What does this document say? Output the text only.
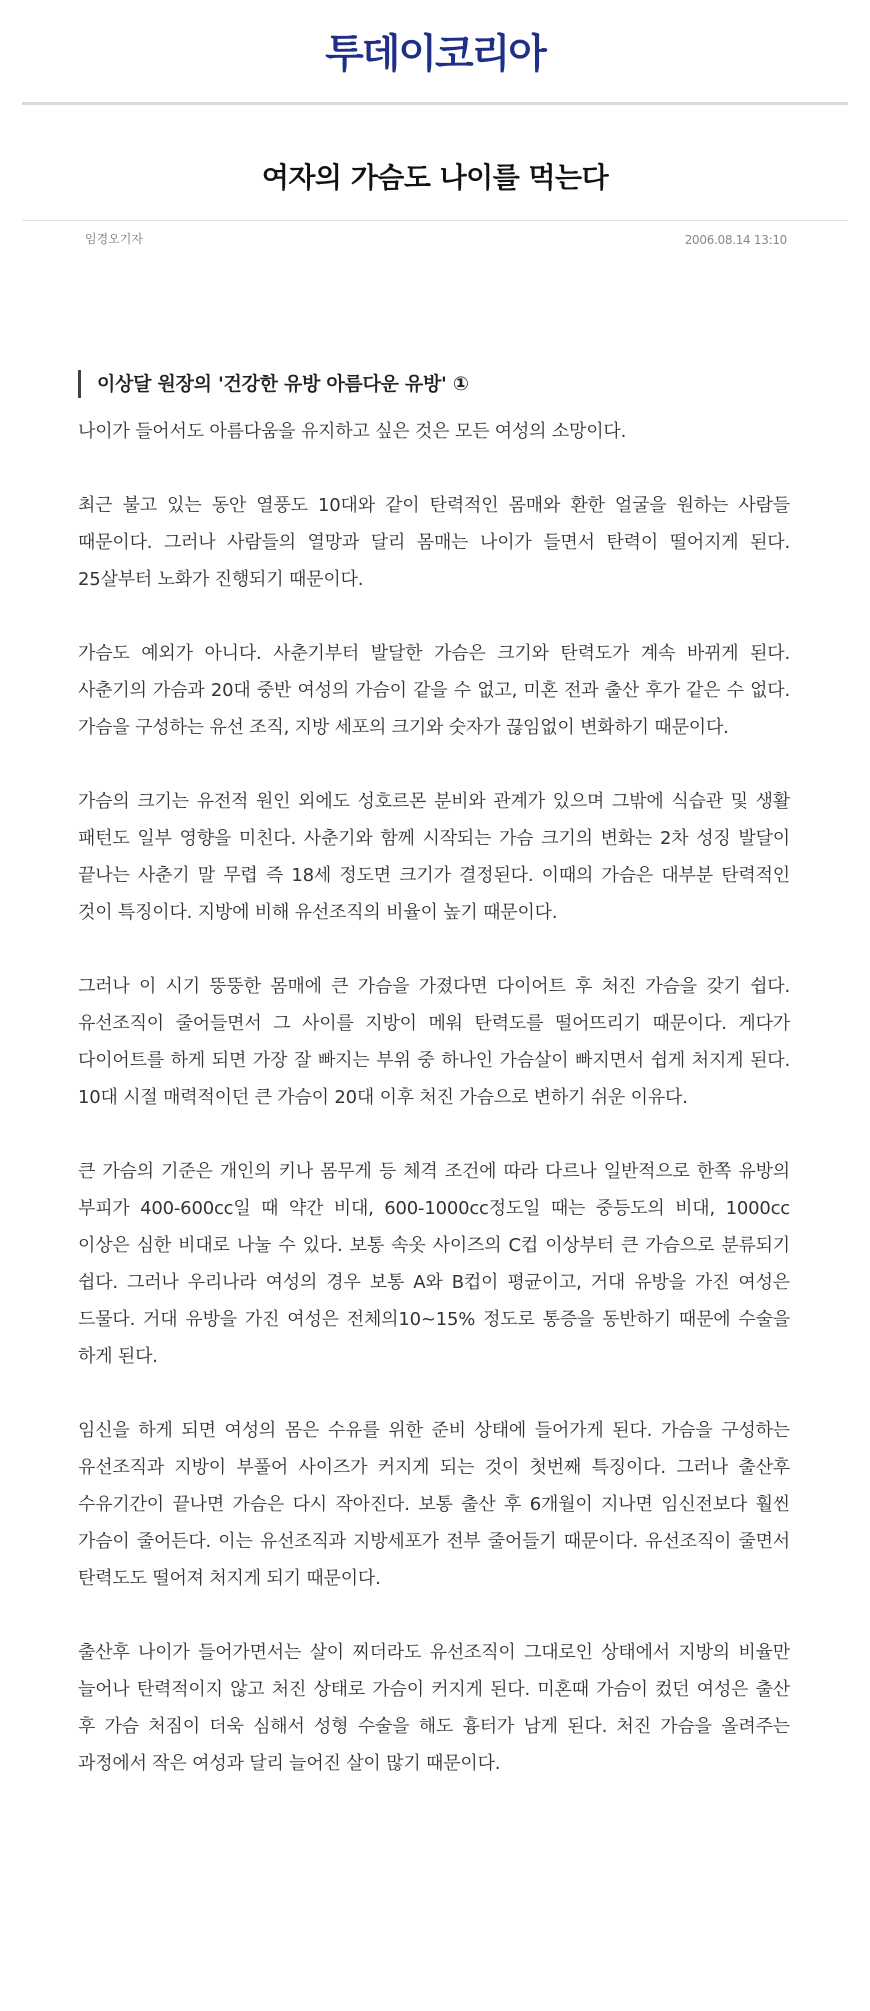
투데이코리아
여자의 가슴도 나이를 먹는다
임경오기자	2006.08.14 13:10
이상달 원장의 '건강한 유방 아름다운 유방' ①

나이가 들어서도 아름다움을 유지하고 싶은 것은 모든 여성의 소망이다.

최근 불고 있는 동안 열풍도 10대와 같이 탄력적인 몸매와 환한 얼굴을 원하는 사람들 때문이다. 그러나 사람들의 열망과 달리 몸매는 나이가 들면서 탄력이 떨어지게 된다. 25살부터 노화가 진행되기 때문이다.

가슴도 예외가 아니다. 사춘기부터 발달한 가슴은 크기와 탄력도가 계속 바뀌게 된다. 사춘기의 가슴과 20대 중반 여성의 가슴이 같을 수 없고, 미혼 전과 출산 후가 같은 수 없다. 가슴을 구성하는 유선 조직, 지방 세포의 크기와 숫자가 끊임없이 변화하기 때문이다.

가슴의 크기는 유전적 원인 외에도 성호르몬 분비와 관계가 있으며 그밖에 식습관 및 생활 패턴도 일부 영향을 미친다. 사춘기와 함께 시작되는 가슴 크기의 변화는 2차 성징 발달이 끝나는 사춘기 말 무렵 즉 18세 정도면 크기가 결정된다. 이때의 가슴은 대부분 탄력적인 것이 특징이다. 지방에 비해 유선조직의 비율이 높기 때문이다.

그러나 이 시기 뚱뚱한 몸매에 큰 가슴을 가졌다면 다이어트 후 처진 가슴을 갖기 쉽다. 유선조직이 줄어들면서 그 사이를 지방이 메워 탄력도를 떨어뜨리기 때문이다. 게다가 다이어트를 하게 되면 가장 잘 빠지는 부위 중 하나인 가슴살이 빠지면서 쉽게 처지게 된다. 10대 시절 매력적이던 큰 가슴이 20대 이후 처진 가슴으로 변하기 쉬운 이유다.

큰 가슴의 기준은 개인의 키나 몸무게 등 체격 조건에 따라 다르나 일반적으로 한쪽 유방의 부피가 400-600cc일 때 약간 비대, 600-1000cc정도일 때는 중등도의 비대, 1000cc 이상은 심한 비대로 나눌 수 있다. 보통 속옷 사이즈의 C컵 이상부터 큰 가슴으로 분류되기 쉽다. 그러나 우리나라 여성의 경우 보통 A와 B컵이 평균이고, 거대 유방을 가진 여성은 드물다. 거대 유방을 가진 여성은 전체의10~15% 정도로 통증을 동반하기 때문에 수술을 하게 된다.

임신을 하게 되면 여성의 몸은 수유를 위한 준비 상태에 들어가게 된다. 가슴을 구성하는 유선조직과 지방이 부풀어 사이즈가 커지게 되는 것이 첫번째 특징이다. 그러나 출산후 수유기간이 끝나면 가슴은 다시 작아진다. 보통 출산 후 6개월이 지나면 임신전보다 훨씬 가슴이 줄어든다. 이는 유선조직과 지방세포가 전부 줄어들기 때문이다. 유선조직이 줄면서 탄력도도 떨어져 처지게 되기 때문이다.

출산후 나이가 들어가면서는 살이 찌더라도 유선조직이 그대로인 상태에서 지방의 비율만 늘어나 탄력적이지 않고 처진 상태로 가슴이 커지게 된다. 미혼때 가슴이 컸던 여성은 출산 후 가슴 처짐이 더욱 심해서 성형 수술을 해도 흉터가 남게 된다. 처진 가슴을 올려주는 과정에서 작은 여성과 달리 늘어진 살이 많기 때문이다.
